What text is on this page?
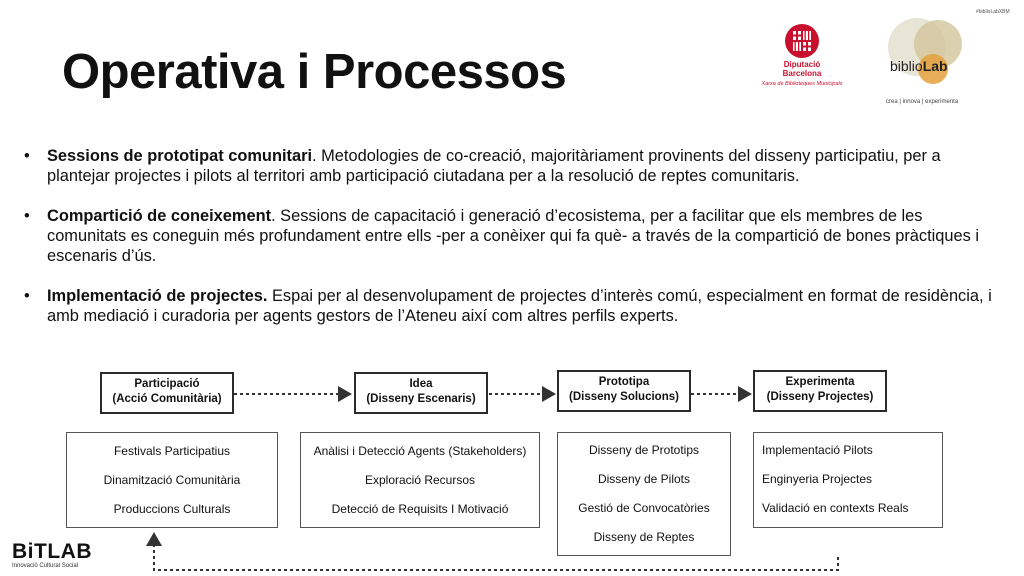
#biblioLabXBM
Operativa i Processos	Diputació
Barcelona
Xarxa de Biblioteques Municipals
biblioLab
crea | innova | experimenta
• Sessions de prototipat comunitari. Metodologies de co-creació, majoritàriament provinents del disseny participatiu, per a plantejar projectes i pilots al territori amb participació ciutadana per a la resolució de reptes comunitaris.
• Compartició de coneixement. Sessions de capacitació i generació d’ecosistema, per a facilitar que els membres de les comunitats es coneguin més profundament entre ells -per a conèixer qui fa què- a través de la compartició de bones pràctiques i escenaris d’ús.
• Implementació de projectes. Espai per al desenvolupament de projectes d’interès comú, especialment en format de residència, i amb mediació i curadoria per agents gestors de l’Ateneu així com altres perfils experts.
Participació
(Acció Comunitària)
Festivals Participatius
Dinamització Comunitària
Produccions Culturals
Idea
(Disseny Escenaris)
Anàlisi i Detecció Agents (Stakeholders)
Exploració Recursos
Detecció de Requisits I Motivació
Prototipa
(Disseny Solucions)
Disseny de Prototips
Disseny de Pilots
Gestió de Convocatòries
Disseny de Reptes
Experimenta
(Disseny Projectes)
Implementació Pilots
Enginyeria Projectes
Validació en contexts Reals
BiTLAB
Innovació Cultural Social
